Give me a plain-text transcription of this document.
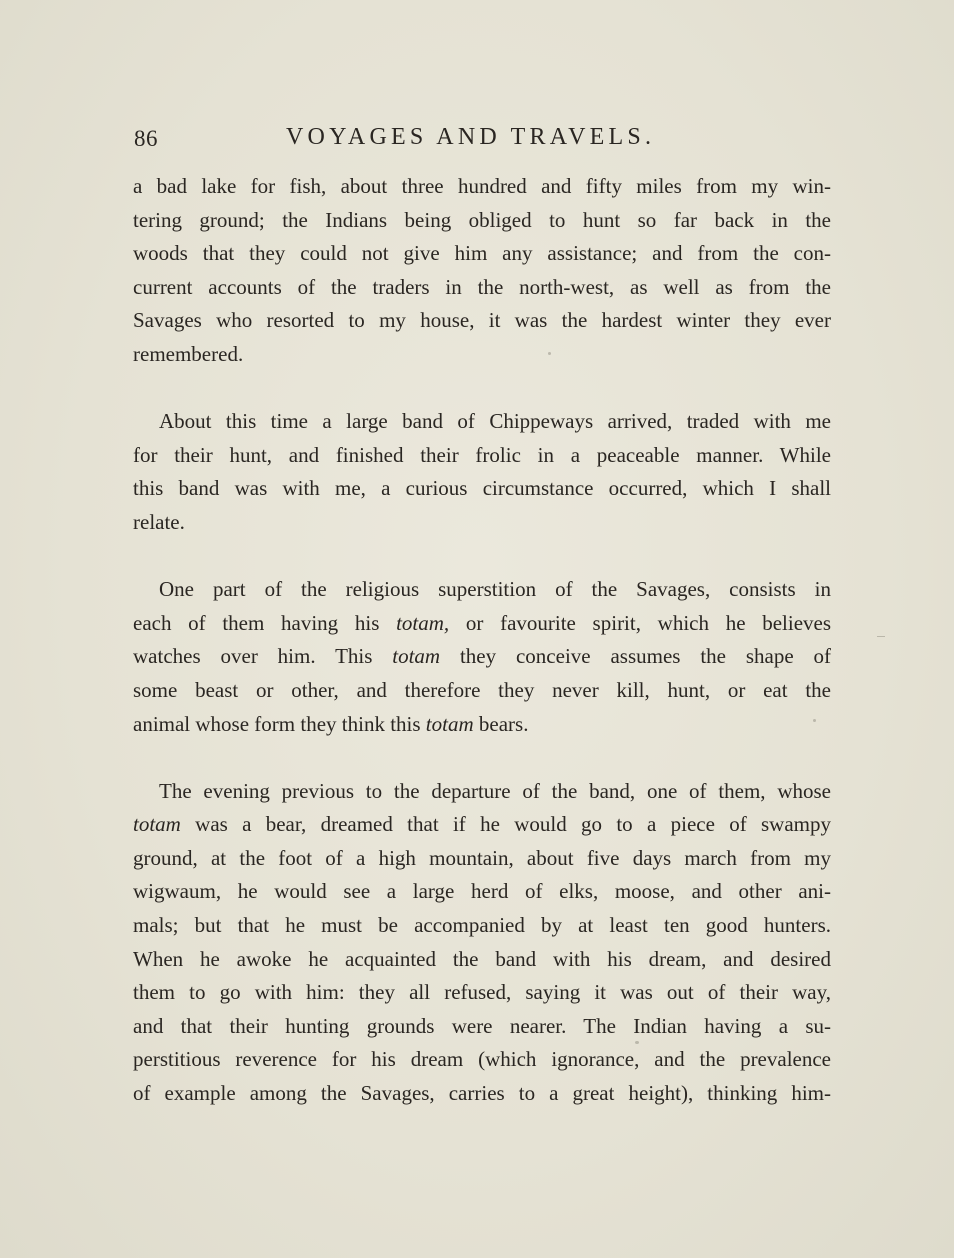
86	VOYAGES AND TRAVELS.
a bad lake for fish, about three hundred and fifty miles from my win-
tering ground; the Indians being obliged to hunt so far back in the
woods that they could not give him any assistance; and from the con-
current accounts of the traders in the north-west, as well as from the
Savages who resorted to my house, it was the hardest winter they ever
remembered.
About this time a large band of Chippeways arrived, traded with me
for their hunt, and finished their frolic in a peaceable manner. While
this band was with me, a curious circumstance occurred, which I shall
relate.
One part of the religious superstition of the Savages, consists in
each of them having his totam, or favourite spirit, which he believes
watches over him. This totam they conceive assumes the shape of
some beast or other, and therefore they never kill, hunt, or eat the
animal whose form they think this totam bears.
The evening previous to the departure of the band, one of them, whose
totam was a bear, dreamed that if he would go to a piece of swampy
ground, at the foot of a high mountain, about five days march from my
wigwaum, he would see a large herd of elks, moose, and other ani-
mals; but that he must be accompanied by at least ten good hunters.
When he awoke he acquainted the band with his dream, and desired
them to go with him: they all refused, saying it was out of their way,
and that their hunting grounds were nearer. The Indian having a su-
perstitious reverence for his dream (which ignorance, and the prevalence
of example among the Savages, carries to a great height), thinking him-
